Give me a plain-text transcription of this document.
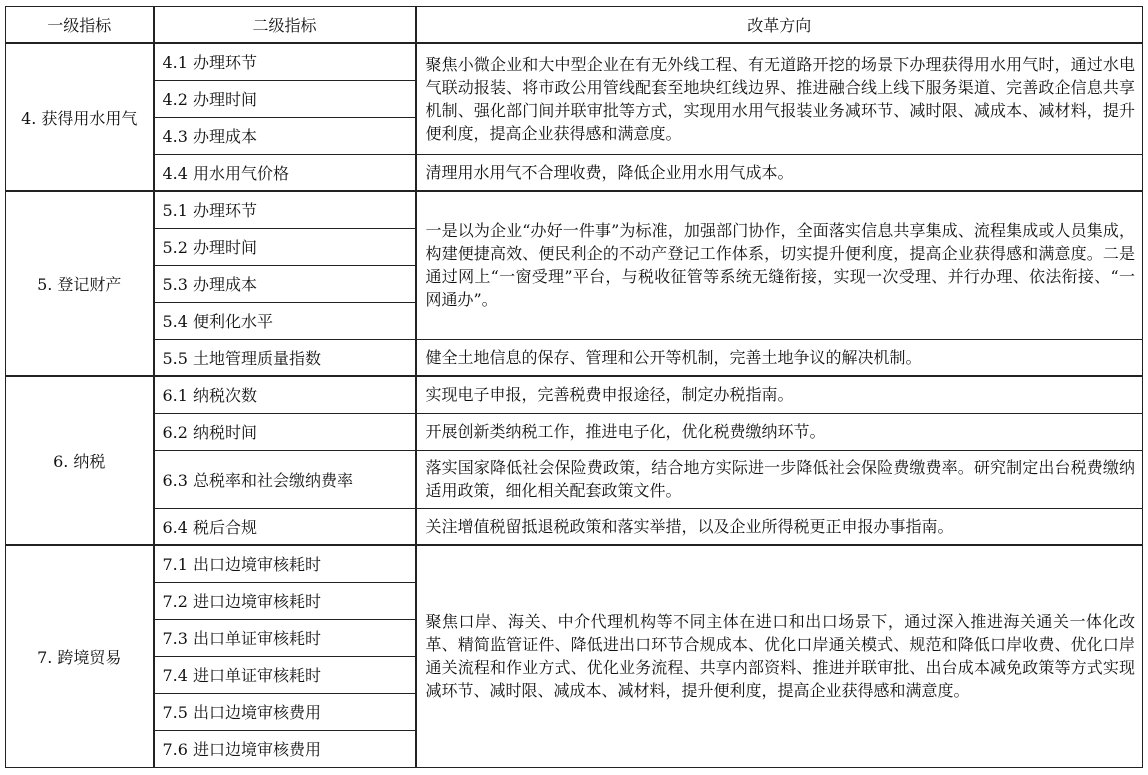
一级指标	二级指标	改革方向
4. 获得用水用气	4.1 办理环节	聚焦小微企业和大中型企业在有无外线工程、有无道路开挖的场景下办理获得用水用气时，通过水电气联动报装、将市政公用管线配套至地块红线边界、推进融合线上线下服务渠道、完善政企信息共享机制、强化部门间并联审批等方式，实现用水用气报装业务减环节、减时限、减成本、减材料，提升便利度，提高企业获得感和满意度。
	4.2 办理时间	
	4.3 办理成本	
	4.4 用水用气价格	清理用水用气不合理收费，降低企业用水用气成本。
5. 登记财产	5.1 办理环节	一是以为企业“办好一件事”为标准，加强部门协作，全面落实信息共享集成、流程集成或人员集成，构建便捷高效、便民利企的不动产登记工作体系，切实提升便利度，提高企业获得感和满意度。二是通过网上“一窗受理”平台，与税收征管等系统无缝衔接，实现一次受理、并行办理、依法衔接、“一网通办”。
	5.2 办理时间	
	5.3 办理成本	
	5.4 便利化水平	
	5.5 土地管理质量指数	健全土地信息的保存、管理和公开等机制，完善土地争议的解决机制。
6. 纳税	6.1 纳税次数	实现电子申报，完善税费申报途径，制定办税指南。
	6.2 纳税时间	开展创新类纳税工作，推进电子化，优化税费缴纳环节。
	6.3 总税率和社会缴纳费率	落实国家降低社会保险费政策，结合地方实际进一步降低社会保险费缴费率。研究制定出台税费缴纳适用政策，细化相关配套政策文件。
	6.4 税后合规	关注增值税留抵退税政策和落实举措，以及企业所得税更正申报办事指南。
7. 跨境贸易	7.1 出口边境审核耗时	聚焦口岸、海关、中介代理机构等不同主体在进口和出口场景下，通过深入推进海关通关一体化改革、精简监管证件、降低进出口环节合规成本、优化口岸通关模式、规范和降低口岸收费、优化口岸通关流程和作业方式、优化业务流程、共享内部资料、推进并联审批、出台成本减免政策等方式实现减环节、减时限、减成本、减材料，提升便利度，提高企业获得感和满意度。
	7.2 进口边境审核耗时	
	7.3 出口单证审核耗时	
	7.4 进口单证审核耗时	
	7.5 出口边境审核费用	
	7.6 进口边境审核费用	
